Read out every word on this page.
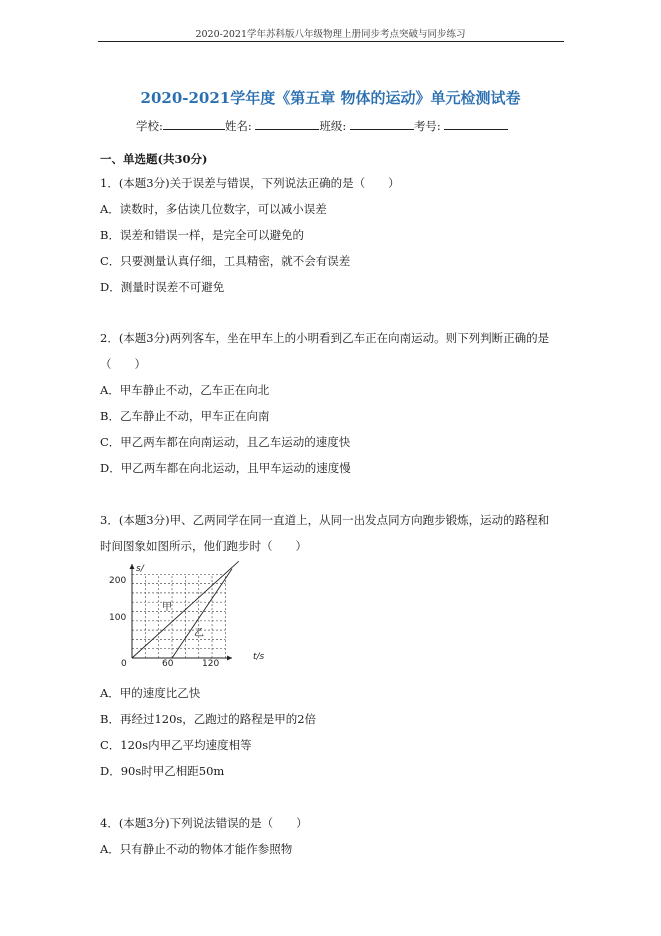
2020-2021学年苏科版八年级物理上册同步考点突破与同步练习
2020-2021学年度《第五章 物体的运动》单元检测试卷
学校:	姓名:	班级:	考号:
一、单选题(共30分)
1．(本题3分)关于误差与错误，下列说法正确的是（　　）
A．读数时，多估读几位数字，可以减小误差
B．误差和错误一样，是完全可以避免的
C．只要测量认真仔细，工具精密，就不会有误差
D．测量时误差不可避免
2．(本题3分)两列客车，坐在甲车上的小明看到乙车正在向南运动。则下列判断正确的是
（　　）
A．甲车静止不动，乙车正在向北
B．乙车静止不动，甲车正在向南
C．甲乙两车都在向南运动，且乙车运动的速度快
D．甲乙两车都在向北运动，且甲车运动的速度慢
3．(本题3分)甲、乙两同学在同一直道上，从同一出发点同方向跑步锻炼，运动的路程和
时间图象如图所示，他们跑步时（　　）
s/
t/s
0	60	120
100
200
甲
乙
A．甲的速度比乙快
B．再经过120s，乙跑过的路程是甲的2倍
C．120s内甲乙平均速度相等
D．90s时甲乙相距50m
4．(本题3分)下列说法错误的是（　　）
A．只有静止不动的物体才能作参照物
